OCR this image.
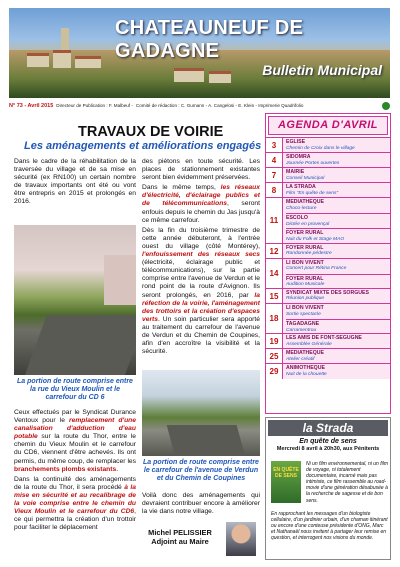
CHATEAUNEUF DE GADAGNE
Bulletin Municipal
N° 73 - Avril 2015 Directeur de Publication : F. Malbeuf - Comité de rédaction : C. Gumann - A. Cangelosi - E. Klein - Imprimerie Quadrifolio
TRAVAUX DE VOIRIE
Les aménagements et améliorations engagés

Dans le cadre de la réhabilitation de la traversée du village et de sa mise en sécurité (ex RN100) un certain nombre de travaux importants ont été ou vont être entrepris en 2015 et prolongés en 2016.

La portion de route comprise entre la rue du Vieux Moulin et le carrefour du CD 6

Ceux effectués par le Syndicat Durance Ventoux pour le remplacement d'une canalisation d'adduction d'eau potable sur la route du Thor, entre le chemin du Vieux Moulin et le carrefour du CD6, viennent d'être achevés. Ils ont permis, du même coup, de remplacer les branchements plombs existants.

Dans la continuité des aménagements de la route du Thor, il sera procédé à la mise en sécurité et au recalibrage de la voie comprise entre le chemin du Vieux Moulin et le carrefour du CD6, ce qui permettra la création d'un trottoir pour faciliter le déplacement

des piétons en toute sécurité. Les places de stationnement existantes seront bien évidemment préservées.

Dans le même temps, les réseaux d'électricité, d'éclairage publics et de télécommunications, seront enfouis depuis le chemin du Jas jusqu'à ce même carrefour.

Dès la fin du troisième trimestre de cette année débuteront, à l'entrée ouest du village (côté Montérey), l'enfouissement des réseaux secs (électricité, éclairage public et télécommunications), sur la partie comprise entre l'avenue de Verdun et le rond point de la route d'Avignon. Ils seront prolongés, en 2016, par la réfection de la voirie, l'aménagement des trottoirs et la création d'espaces verts. Un soin particulier sera apporté au traitement du carrefour de l'avenue de Verdun et du Chemin de Coupines, afin d'en accroître la visibilité et la sécurité.

La portion de route comprise entre le carrefour de l'avenue de Verdun et du Chemin de Coupines

Voilà donc des aménagements qui devraient contribuer encore à améliorer la vie dans notre village.

Michel PELISSIER
Adjoint au Maire
AGENDA D'AVRIL
3	EGLISE
Chemin de Croix dans le village
4	SIDOMRA
Journée Portes ouvertes
7	MAIRIE
Conseil Municipal
8	LA STRADA
Film "En quête de sens"
11
MEDIATHEQUE
Choco-lecture
ESCOLO
Dictée en provençal
FOYER RURAL
Nuit du Folk et Stage MAO
12	FOYER RURAL
Randonnée pédestre
14
LI BON VIVENT
Concert pour Rétina France
FOYER RURAL
Audition Musicale
15	SYNDICAT MIXTE DES SORGUES
Réunion publique
18
LI BON VIVENT
Sortie spectacle
TAGADAGNE
Carramentrou
19	LES AMIS DE FONT-SEGUGNE
Assemblée Générale
25	MEDIATHEQUE
Atelier créatif
29	ANIMOTHEQUE
Nuit de la chouette
la Strada
En quête de sens
Mercredi 8 avril à 20h30, aux Pénitents
EN QUÊTE DE SENS
Ni un film environnemental, ni un film de voyage, ni totalement documentaire, incarné mais pas intimiste, ce film rassemble au road-movie d'une génération désabusée à la recherche de sagesse et de bon sens.
En rapprochant les messages d'un biologiste cellulaire, d'un jardinier urbain, d'un chaman itinérant ou encore d'une conteuse présidente d'ONG, Marc et Nathanaël nous invitent à partager leur remise en question, et interrogent nos visions du monde.
